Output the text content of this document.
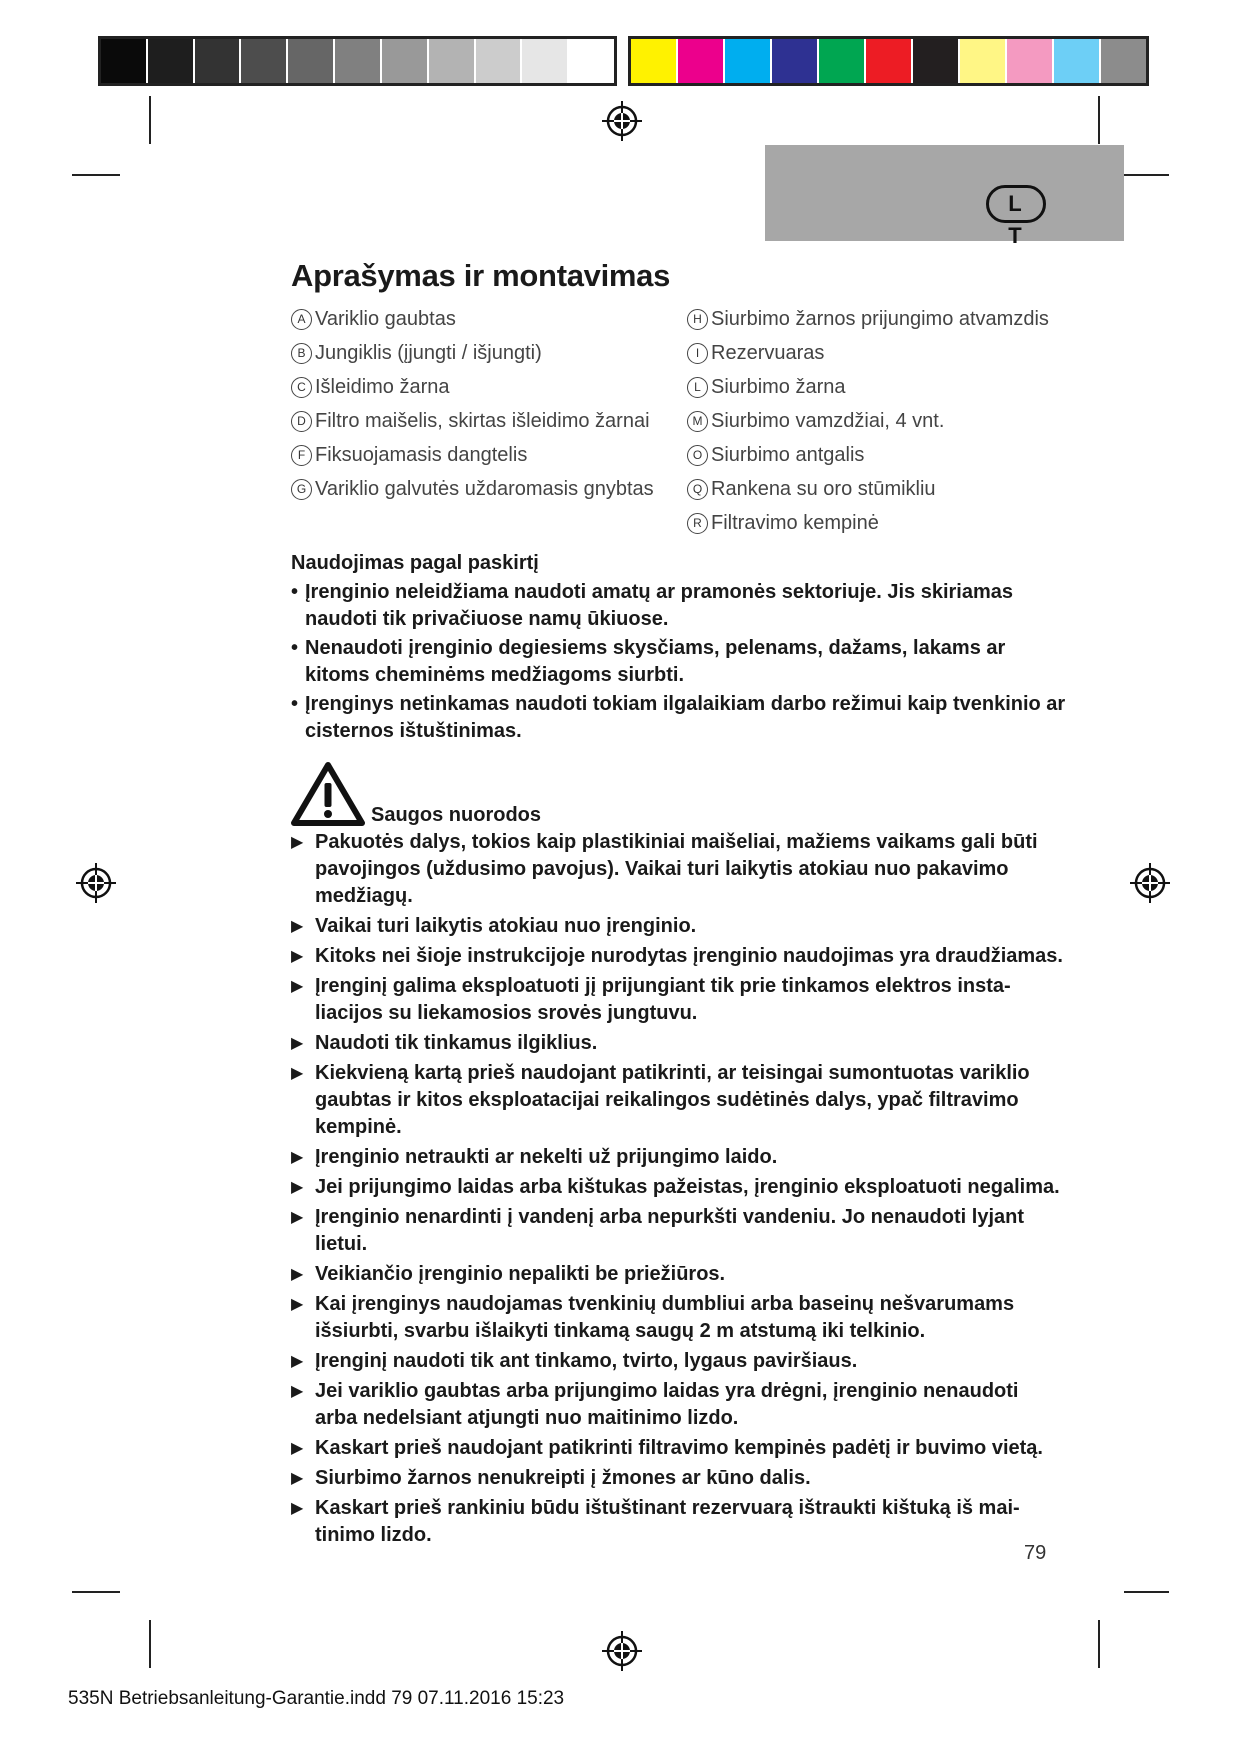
L T
Aprašymas ir montavimas
A Variklio gaubtas
B Jungiklis (įjungti / išjungti)
C Išleidimo žarna
D Filtro maišelis, skirtas išleidimo žarnai
F Fiksuojamasis dangtelis
G Variklio galvutės uždaromasis gnybtas
H Siurbimo žarnos prijungimo atvamzdis
I Rezervuaras
L Siurbimo žarna
M Siurbimo vamzdžiai, 4 vnt.
O Siurbimo antgalis
Q Rankena su oro stūmikliu
R Filtravimo kempinė
Naudojimas pagal paskirtį
• Įrenginio neleidžiama naudoti amatų ar pramonės sektoriuje. Jis skiriamas naudoti tik privačiuose namų ūkiuose.
• Nenaudoti įrenginio degiesiems skysčiams, pelenams, dažams, lakams ar kitoms cheminėms medžiagoms siurbti.
• Įrenginys netinkamas naudoti tokiam ilgalaikiam darbo režimui kaip tvenkinio ar cisternos ištuštinimas.
Saugos nuorodos
▶ Pakuotės dalys, tokios kaip plastikiniai maišeliai, mažiems vaikams gali būti pavojingos (uždusimo pavojus). Vaikai turi laikytis atokiau nuo pakavimo medžiagų.
▶ Vaikai turi laikytis atokiau nuo įrenginio.
▶ Kitoks nei šioje instrukcijoje nurodytas įrenginio naudojimas yra draudžiamas.
▶ Įrenginį galima eksploatuoti jį prijungiant tik prie tinkamos elektros insta-liacijos su liekamosios srovės jungtuvu.
▶ Naudoti tik tinkamus ilgiklius.
▶ Kiekvieną kartą prieš naudojant patikrinti, ar teisingai sumontuotas variklio gaubtas ir kitos eksploatacijai reikalingos sudėtinės dalys, ypač filtravimo kempinė.
▶ Įrenginio netraukti ar nekelti už prijungimo laido.
▶ Jei prijungimo laidas arba kištukas pažeistas, įrenginio eksploatuoti negalima.
▶ Įrenginio nenardinti į vandenį arba nepurkšti vandeniu. Jo nenaudoti lyjant lietui.
▶ Veikiančio įrenginio nepalikti be priežiūros.
▶ Kai įrenginys naudojamas tvenkinių dumbliui arba baseinų nešvarumams išsiurbti, svarbu išlaikyti tinkamą saugų 2 m atstumą iki telkinio.
▶ Įrenginį naudoti tik ant tinkamo, tvirto, lygaus paviršiaus.
▶ Jei variklio gaubtas arba prijungimo laidas yra drėgni, įrenginio nenaudoti arba nedelsiant atjungti nuo maitinimo lizdo.
▶ Kaskart prieš naudojant patikrinti filtravimo kempinės padėtį ir buvimo vietą.
▶ Siurbimo žarnos nenukreipti į žmones ar kūno dalis.
▶ Kaskart prieš rankiniu būdu ištuštinant rezervuarą ištraukti kištuką iš mai-tinimo lizdo.
79
535N Betriebsanleitung-Garantie.indd 79 07.11.2016 15:23
